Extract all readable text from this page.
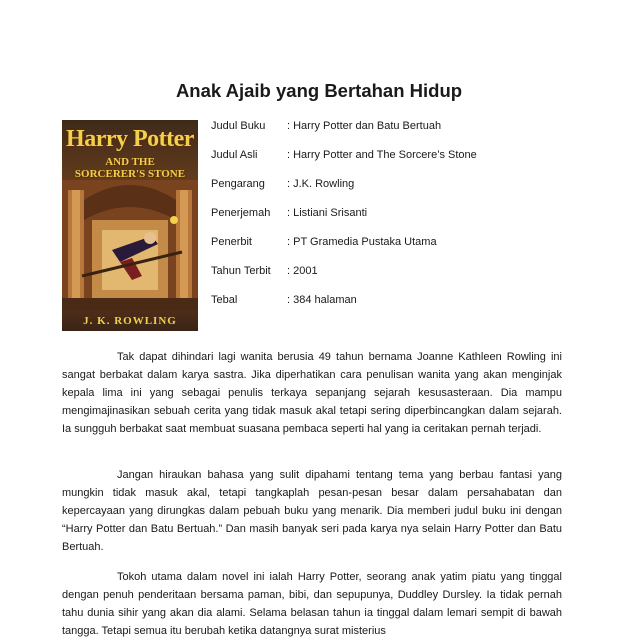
Anak Ajaib yang Bertahan Hidup
Harry Potter
AND THE
SORCERER'S STONE
J. K. ROWLING
Judul Buku : Harry Potter dan Batu Bertuah
Judul Asli	: Harry Potter and The Sorcere’s Stone
Pengarang : J.K. Rowling
Penerjemah : Listiani Srisanti
Penerbit	: PT Gramedia Pustaka Utama
Tahun Terbit : 2001
Tebal	: 384 halaman

Tak dapat dihindari lagi wanita berusia 49 tahun bernama Joanne Kathleen Rowling ini sangat berbakat dalam karya sastra. Jika diperhatikan cara penulisan wanita yang akan menginjak kepala lima ini yang sebagai penulis terkaya sepanjang sejarah kesusasteraan. Dia mampu mengimajinasikan sebuah cerita yang tidak masuk akal tetapi sering diperbincangkan dalam sejarah. Ia sungguh berbakat saat membuat suasana pembaca seperti hal yang ia ceritakan pernah terjadi.

Jangan hiraukan bahasa yang sulit dipahami tentang tema yang berbau fantasi yang mungkin tidak masuk akal, tetapi tangkaplah pesan-pesan besar dalam persahabatan dan kepercayaan yang dirungkas dalam pebuah buku yang menarik. Dia memberi judul buku ini dengan “Harry Potter dan Batu Bertuah.” Dan masih banyak seri pada karya nya selain Harry Potter dan Batu Bertuah.

Tokoh utama dalam novel ini ialah Harry Potter, seorang anak yatim piatu yang tinggal dengan penuh penderitaan bersama paman, bibi, dan sepupunya, Duddley Dursley. Ia tidak pernah tahu dunia sihir yang akan dia alami. Selama belasan tahun ia tinggal dalam lemari sempit di bawah tangga. Tetapi semua itu berubah ketika datangnya surat misterius
